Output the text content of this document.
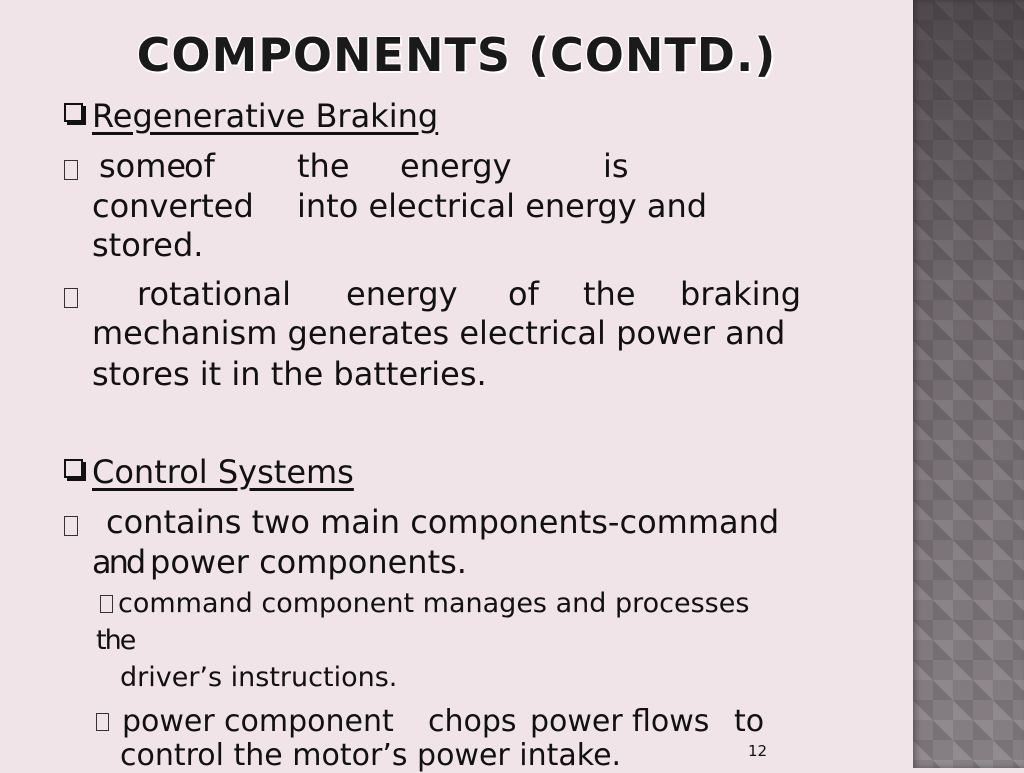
COMPONENTS (CONTD.)
Regenerative Braking
some
of	the energy	is
converted into electrical energy and
stored.
rotational energy of the braking
mechanism generates electrical power and
stores it in the batteries.
Control Systems
contains two main components-command
and power components.
command component manages and processes
the
driver’s instructions.
power component chops power flows to
control the motor’s power intake.	12
